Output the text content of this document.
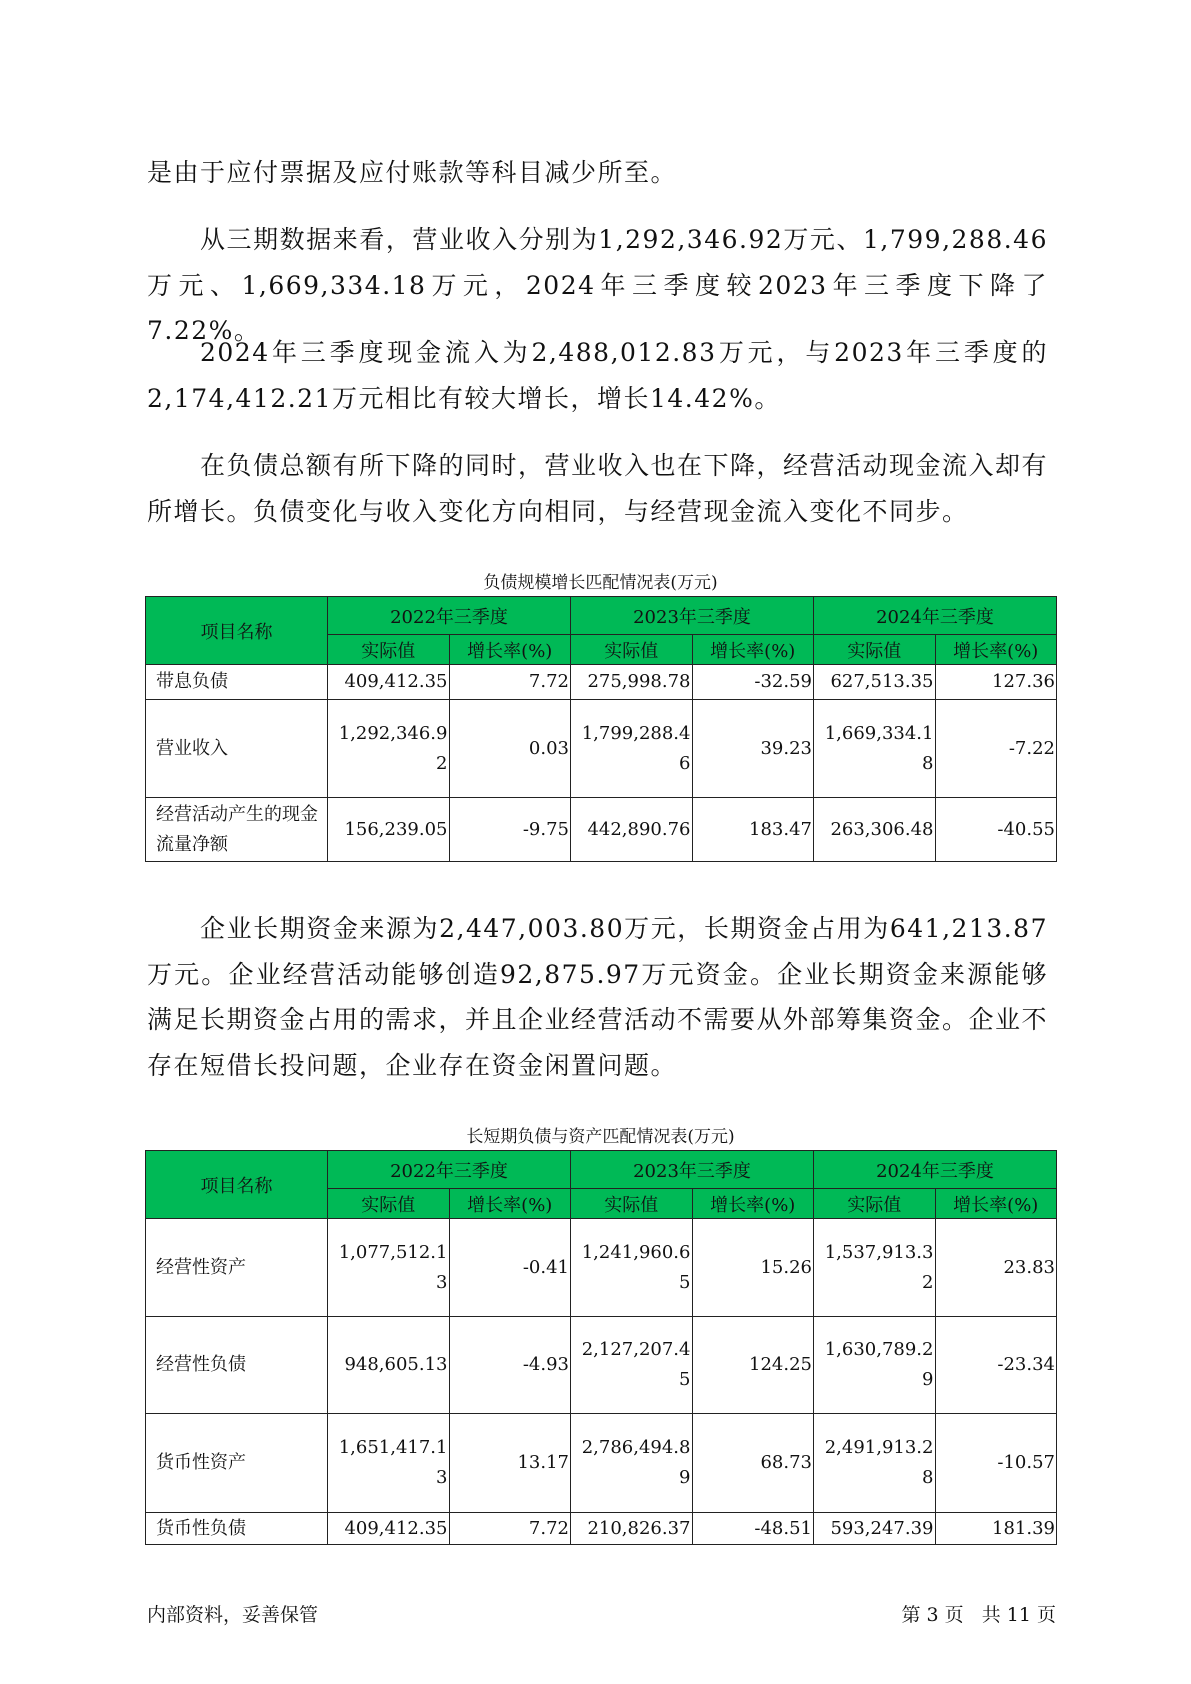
是由于应付票据及应付账款等科目减少所至。

从三期数据来看，营业收入分别为1,292,346.92万元、1,799,288.46万元、1,669,334.18万元，2024年三季度较2023年三季度下降了7.22%。

2024年三季度现金流入为2,488,012.83万元，与2023年三季度的2,174,412.21万元相比有较大增长，增长14.42%。

在负债总额有所下降的同时，营业收入也在下降，经营活动现金流入却有所增长。负债变化与收入变化方向相同，与经营现金流入变化不同步。

负债规模增长匹配情况表(万元)
项目名称	2022年三季度		2023年三季度		2024年三季度	
	实际值	增长率(%)	实际值	增长率(%)	实际值	增长率(%)
带息负债	409,412.35	7.72	275,998.78	-32.59	627,513.35	127.36
营业收入	1,292,346.92	0.03	1,799,288.46	39.23	1,669,334.18	-7.22
经营活动产生的现金流量净额	156,239.05	-9.75	442,890.76	183.47	263,306.48	-40.55

企业长期资金来源为2,447,003.80万元，长期资金占用为641,213.87万元。企业经营活动能够创造92,875.97万元资金。企业长期资金来源能够满足长期资金占用的需求，并且企业经营活动不需要从外部筹集资金。企业不存在短借长投问题，企业存在资金闲置问题。

长短期负债与资产匹配情况表(万元)
项目名称	2022年三季度		2023年三季度		2024年三季度	
	实际值	增长率(%)	实际值	增长率(%)	实际值	增长率(%)
经营性资产	1,077,512.13	-0.41	1,241,960.65	15.26	1,537,913.32	23.83
经营性负债	948,605.13	-4.93	2,127,207.45	124.25	1,630,789.29	-23.34
货币性资产	1,651,417.13	13.17	2,786,494.89	68.73	2,491,913.28	-10.57
货币性负债	409,412.35	7.72	210,826.37	-48.51	593,247.39	181.39
内部资料，妥善保管	第 3 页   共 11 页
